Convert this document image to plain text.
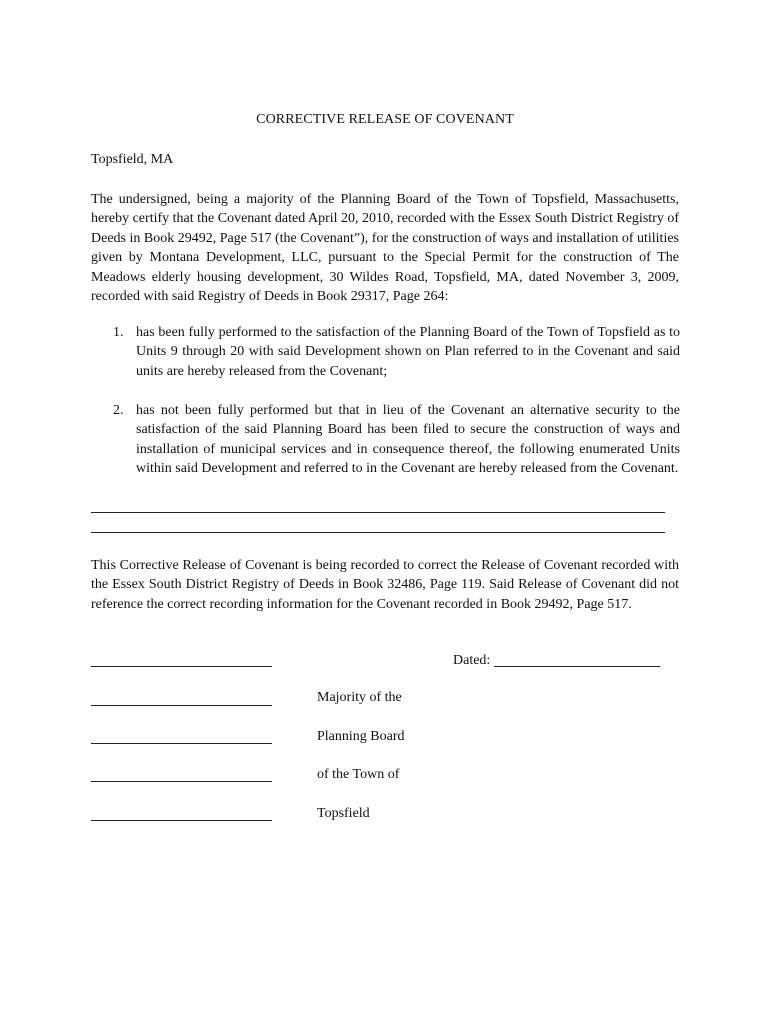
CORRECTIVE RELEASE OF COVENANT
Topsfield, MA
The undersigned, being a majority of the Planning Board of the Town of Topsfield, Massachusetts, hereby certify that the Covenant dated April 20, 2010, recorded with the Essex South District Registry of Deeds in Book 29492, Page 517 (the Covenant”), for the construction of ways and installation of utilities given by Montana Development, LLC, pursuant to the Special Permit for the construction of The Meadows elderly housing development, 30 Wildes Road, Topsfield, MA, dated November 3, 2009, recorded with said Registry of Deeds in Book 29317, Page 264:
1. has been fully performed to the satisfaction of the Planning Board of the Town of Topsfield as to Units 9 through 20 with said Development shown on Plan referred to in the Covenant and said units are hereby released from the Covenant;
2. has not been fully performed but that in lieu of the Covenant an alternative security to the satisfaction of the said Planning Board has been filed to secure the construction of ways and installation of municipal services and in consequence thereof, the following enumerated Units within said Development and referred to in the Covenant are hereby released from the Covenant.
This Corrective Release of Covenant is being recorded to correct the Release of Covenant recorded with the Essex South District Registry of Deeds in Book 32486, Page 119. Said Release of Covenant did not reference the correct recording information for the Covenant recorded in Book 29492, Page 517.
Dated:
Majority of the
Planning Board
of the Town of
Topsfield
